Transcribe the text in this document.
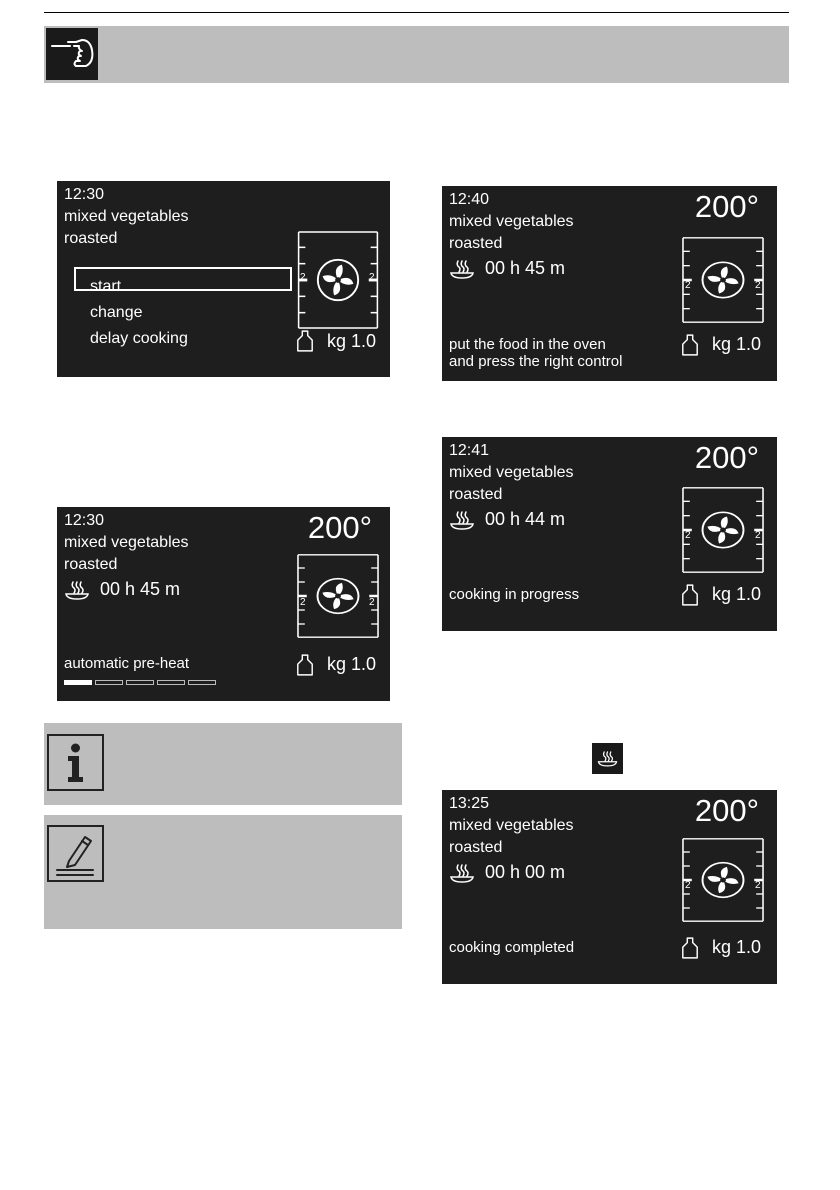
12:30
mixed vegetables
roasted
start
change
delay cooking
2	2
kg 1.0
12:30
mixed vegetables
roasted
200°
00 h 45 m
2	2
automatic pre-heat	kg 1.0
12:40
mixed vegetables
roasted
200°
00 h 45 m
2	2
put the food in the oven
and press the right control
kg 1.0
12:41
mixed vegetables
roasted
200°
00 h 44 m
2	2
cooking in progress	kg 1.0
13:25
mixed vegetables
roasted
200°
00 h 00 m
2	2
cooking completed	kg 1.0
